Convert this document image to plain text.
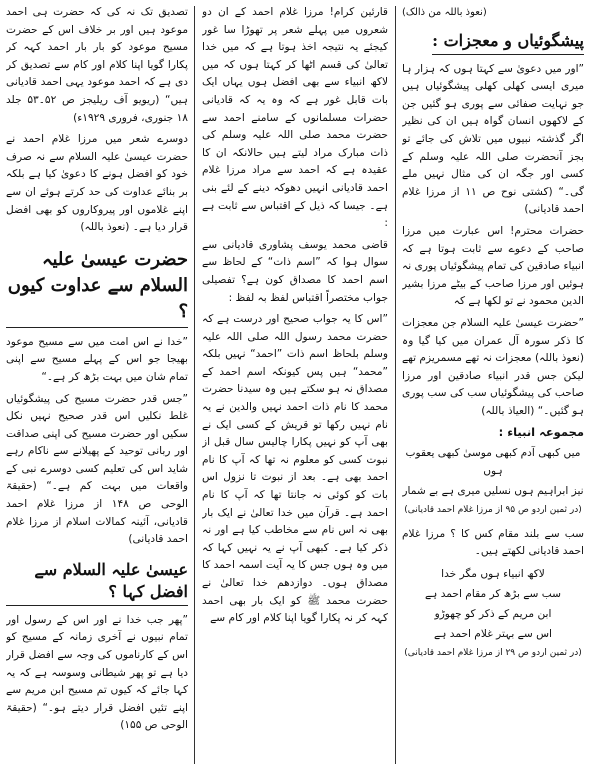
(نعوذ باللہ من ذالک)
پیشگوئیاں و معجزات :

”اور میں دعویٰ سے کہتا ہوں کہ ہزار ہا میری ایسی کھلی کھلی پیشگوئیاں ہیں جو نہایت صفائی سے پوری ہو گئیں جن کے لاکھوں انسان گواہ ہیں ان کی نظیر اگر گذشتہ نبیوں میں تلاش کی جائے تو بجز آنحضرت صلی اللہ علیہ وسلم کے کسی اور جگہ ان کی مثال نہیں ملے گی۔“ (کشتی نوح ص ۱۱ از مرزا غلام احمد قادیانی)

حضرات محترم! اس عبارت میں مرزا صاحب کے دعوے سے ثابت ہوتا ہے کہ انبیاء صادقین کی تمام پیشگوئیاں پوری نہ ہوئیں اور مرزا صاحب کے بیٹے مرزا بشیر الدین محمود نے تو لکھا ہے کہ

”حضرت عیسیٰ علیہ السلام جن معجزات کا ذکر سورہ آل عمران میں کیا گیا وہ (نعوذ باللہ) معجزات نہ تھے مسمریزم تھے لیکن جس قدر انبیاء صادقین اور مرزا صاحب کی پیشگوئیاں سب کی سب پوری ہو گئیں۔“ (العیاذ باللہ)

مجموعہ انبیاء :
میں کبھی آدم کبھی موسیٰ کبھی یعقوب ہوں
نیز ابراہیم ہوں نسلیں میری ہے بے شمار
(در ثمین اردو ص ۹۵ از مرزا غلام احمد قادیانی)

سب سے بلند مقام کس کا ؟ مرزا غلام احمد قادیانی لکھتے ہیں۔

لاکھ انبیاء ہوں مگر خدا
سب سے بڑھ کر مقام احمد ہے
ابن مریم کے ذکر کو چھوڑو
اس سے بہتر غلام احمد ہے
(در ثمین اردو ص ۲۹ از مرزا غلام احمد قادیانی)

قارئین کرام! مرزا غلام احمد کے ان دو شعروں میں پہلے شعر پر تھوڑا سا غور کیجئے یہ نتیجہ اخذ ہوتا ہے کہ میں خدا تعالیٰ کی قسم اٹھا کر کہتا ہوں کہ میں لاکھ انبیاء سے بھی افضل ہوں یہاں ایک بات قابل غور ہے کہ وہ یہ کہ قادیانی حضرات مسلمانوں کے سامنے احمد سے حضرت محمد صلی اللہ علیہ وسلم کی ذات مبارک مراد لیتے ہیں حالانکہ ان کا عقیدہ ہے کہ احمد سے مراد مرزا غلام احمد قادیانی انہیں دھوکہ دینے کے لئے بنی ہے۔ جیسا کہ ذیل کے اقتباس سے ثابت ہے :

قاضی محمد یوسف پشاوری قادیانی سے سوال ہوا کہ ”اسم ذات“ کے لحاظ سے اسم احمد کا مصداق کون ہے؟ تفصیلی جواب مختصراً اقتباس لفظ بہ لفظ :

”اس کا یہ جواب صحیح اور درست ہے کہ حضرت محمد رسول اللہ صلی اللہ علیہ وسلم بلحاظ اسم ذات ”احمد“ نہیں بلکہ ”محمد“ ہیں پس کیونکہ اسم احمد کے مصداق نہ ہو سکتے ہیں وہ سیدنا حضرت محمد کا نام ذات احمد نہیں والدین نے یہ نام نہیں رکھا تو قریش کے کسی ایک نے بھی آپ کو نہیں پکارا چالیس سال قبل از نبوت کسی کو معلوم نہ تھا کہ آپ کا نام احمد بھی ہے۔ بعد از نبوت تا نزول اس بات کو کوئی نہ جانتا تھا کہ آپ کا نام احمد ہے۔ قرآن میں خدا تعالیٰ نے ایک بار بھی نہ اس نام سے مخاطب کیا ہے اور نہ ذکر کیا ہے۔ کبھی آپ نے یہ نہیں کہا کہ میں وہ ہوں جس کا یہ آیت اسمہ احمد کا مصداق ہوں۔ دوازدھم خدا تعالیٰ نے حضرت محمد ﷺ کو ایک بار بھی احمد کہہ کر نہ پکارا گویا اپنا کلام اور کام سے

تصدیق تک نہ کی کہ حضرت ہی احمد موعود ہیں اور بر خلاف اس کے حضرت مسیح موعود کو بار بار احمد کہہ کر پکارا گویا اپنا کلام اور کام سے تصدیق کر دی ہے کہ احمد موعود یہی احمد قادیانی ہیں“ (ریویو آف ریلیجز ص ۵۲۔۵۳ جلد ۱۸ جنوری، فروری ۱۹۲۹ء)

دوسرے شعر میں مرزا غلام احمد نے حضرت عیسیٰ علیہ السلام سے نہ صرف خود کو افضل ہونے کا دعویٰ کیا ہے بلکہ بر بنائے عداوت کی حد کرتے ہوئے ان سے اپنے غلاموں اور پیروکاروں کو بھی افضل قرار دیا ہے۔ (نعوذ باللہ)

حضرت عیسیٰ علیہ السلام سے عداوت کیوں ؟

”خدا نے اس امت میں سے مسیح موعود بھیجا جو اس کے پہلے مسیح سے اپنی تمام شان میں بہت بڑھ کر ہے۔“

”جس قدر حضرت مسیح کی پیشگوئیاں غلط نکلیں اس قدر صحیح نہیں نکل سکیں اور حضرت مسیح کی اپنی صداقت اور ربانی توحید کے پھیلانے سے ناکام رہے شاید اس کی تعلیم کسی دوسرے نبی کے واقعات میں بہت کم ہے۔“ (حقیقۃ الوحی ص ۱۴۸ از مرزا غلام احمد قادیانی، آئینہ کمالات اسلام از مرزا غلام احمد قادیانی)

عیسیٰ علیہ السلام سے افضل کہا ؟

”پھر جب خدا نے اور اس کے رسول اور تمام نبیوں نے آخری زمانہ کے مسیح کو اس کے کارناموں کی وجہ سے افضل قرار دیا ہے تو پھر شیطانی وسوسہ ہے کہ یہ کہا جائے کہ کیوں تم مسیح ابن مریم سے اپنے تئیں افضل قرار دیتے ہو۔“ (حقیقۃ الوحی ص ۱۵۵)
